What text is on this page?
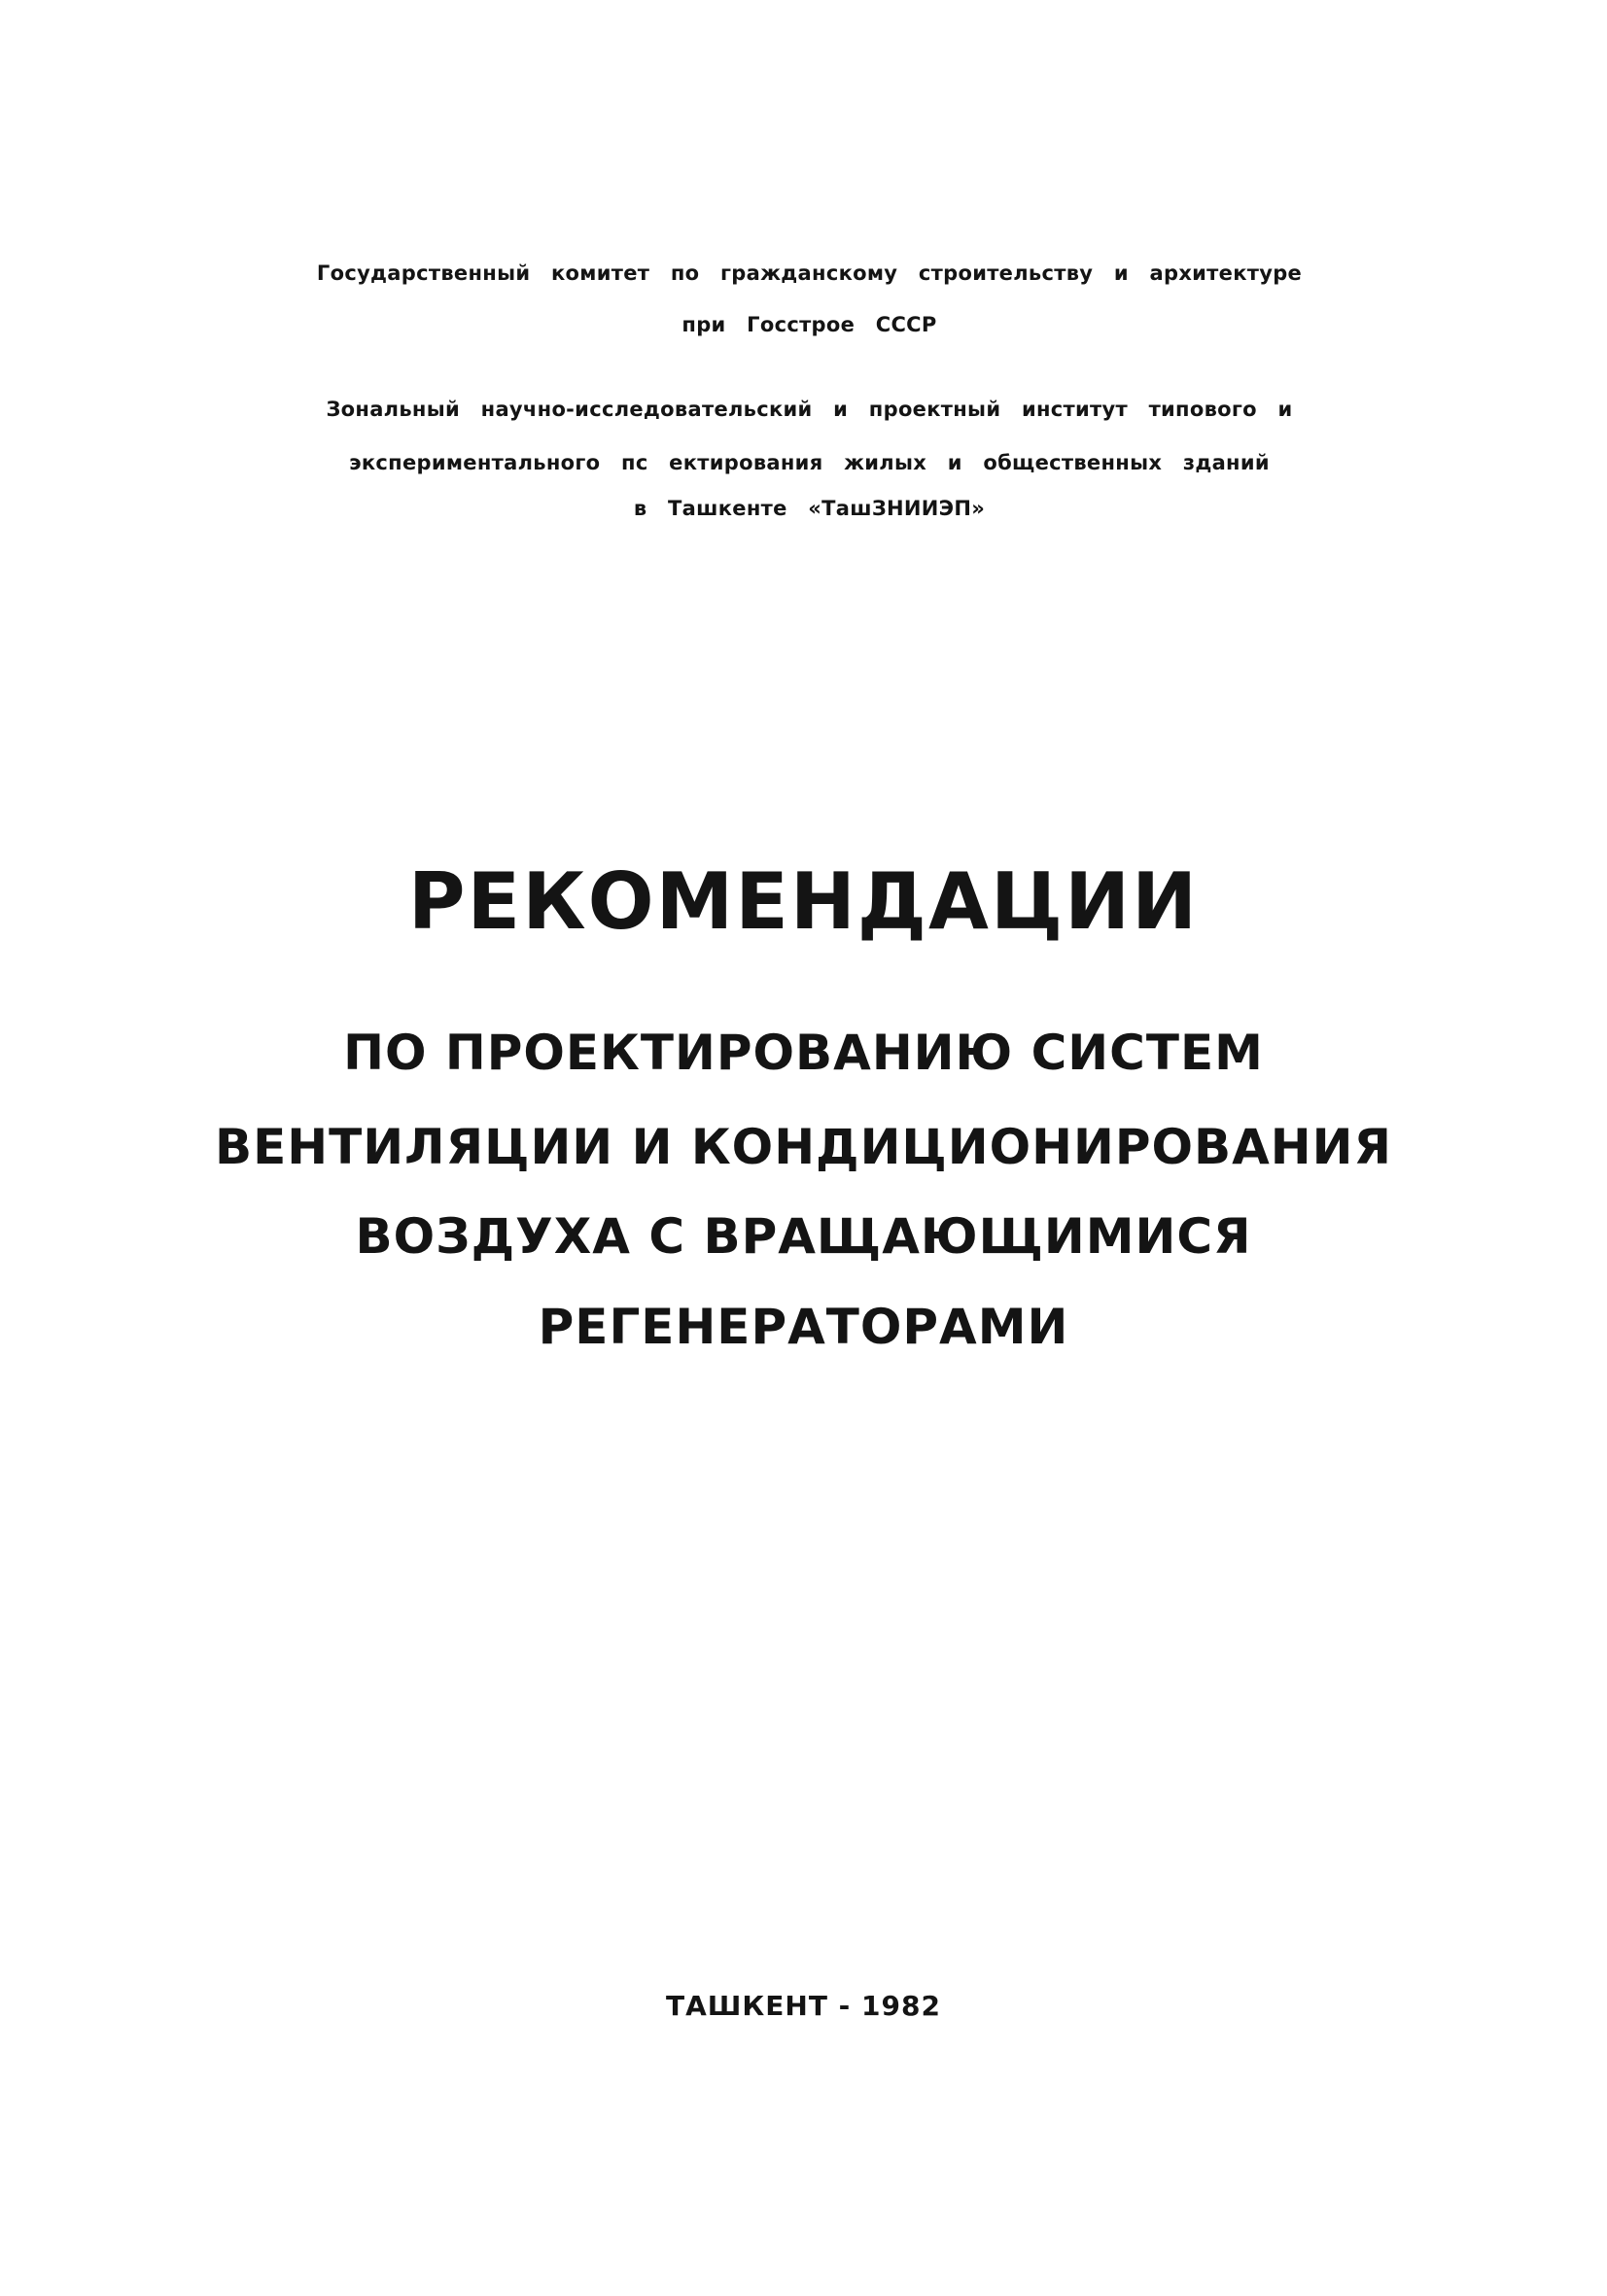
Государственный комитет по гражданскому строительству и архитектуре
при Госстрое СССР
Зональный научно-исследовательский и проектный институт типового и
экспериментального пс ектирования жилых и общественных зданий
в Ташкенте «ТашЗНИИЭП»
РЕКОМЕНДАЦИИ
ПО ПРОЕКТИРОВАНИЮ СИСТЕМ
ВЕНТИЛЯЦИИ И КОНДИЦИОНИРОВАНИЯ
ВОЗДУХА С ВРАЩАЮЩИМИСЯ
РЕГЕНЕРАТОРАМИ
ТАШКЕНТ - 1982
